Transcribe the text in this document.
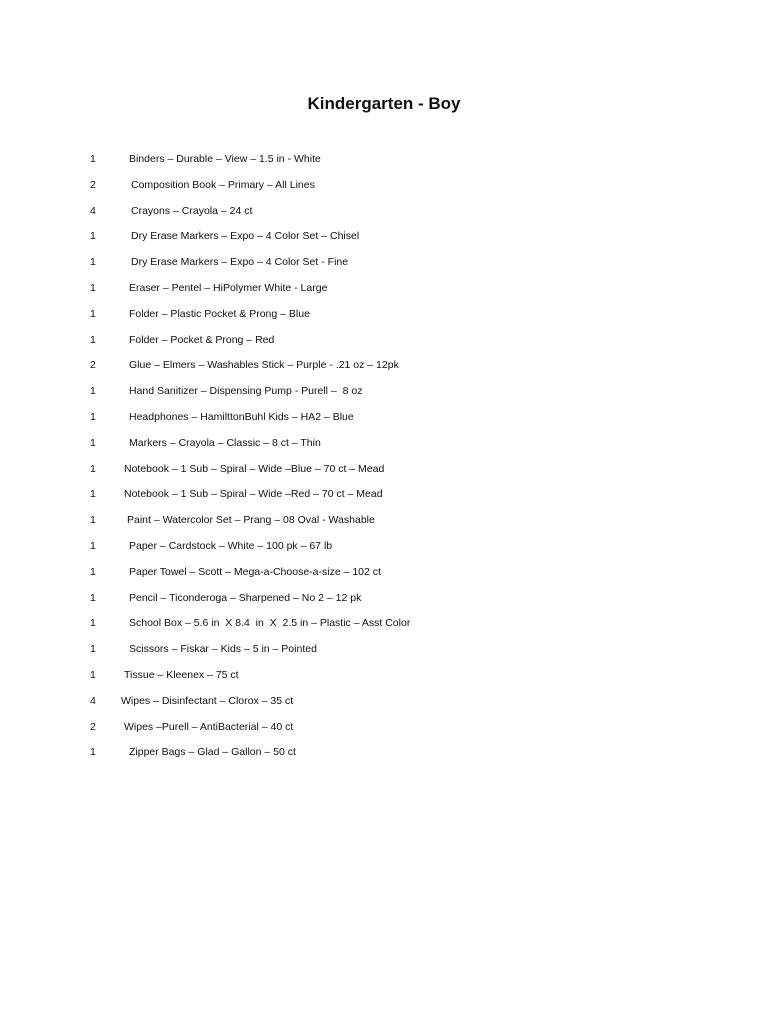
Kindergarten - Boy
1	Binders – Durable – View – 1.5 in - White
2	Composition Book – Primary – All Lines
4	Crayons – Crayola – 24 ct
1	Dry Erase Markers – Expo – 4 Color Set – Chisel
1	Dry Erase Markers – Expo – 4 Color Set - Fine
1	Eraser – Pentel – HiPolymer White - Large
1	Folder – Plastic Pocket & Prong – Blue
1	Folder – Pocket & Prong – Red
2	Glue – Elmers – Washables Stick – Purple - .21 oz – 12pk
1	Hand Sanitizer – Dispensing Pump - Purell –  8 oz
1	Headphones – HamilttonBuhl Kids – HA2 – Blue
1	Markers – Crayola – Classic – 8 ct – Thin
1	Notebook – 1 Sub – Spiral – Wide –Blue – 70 ct – Mead
1	Notebook – 1 Sub – Spiral – Wide –Red – 70 ct – Mead
1	Paint – Watercolor Set – Prang – 08 Oval - Washable
1	Paper – Cardstock – White – 100 pk – 67 lb
1	Paper Towel – Scott – Mega-a-Choose-a-size – 102 ct
1	Pencil – Ticonderoga – Sharpened – No 2 – 12 pk
1	School Box – 5.6 in  X 8.4  in  X  2.5 in – Plastic – Asst Color
1	Scissors – Fiskar – Kids – 5 in – Pointed
1	Tissue – Kleenex – 75 ct
4 Wipes – Disinfectant – Clorox – 35 ct
2	Wipes –Purell – AntiBacterial – 40 ct
1	Zipper Bags – Glad – Gallon – 50 ct
